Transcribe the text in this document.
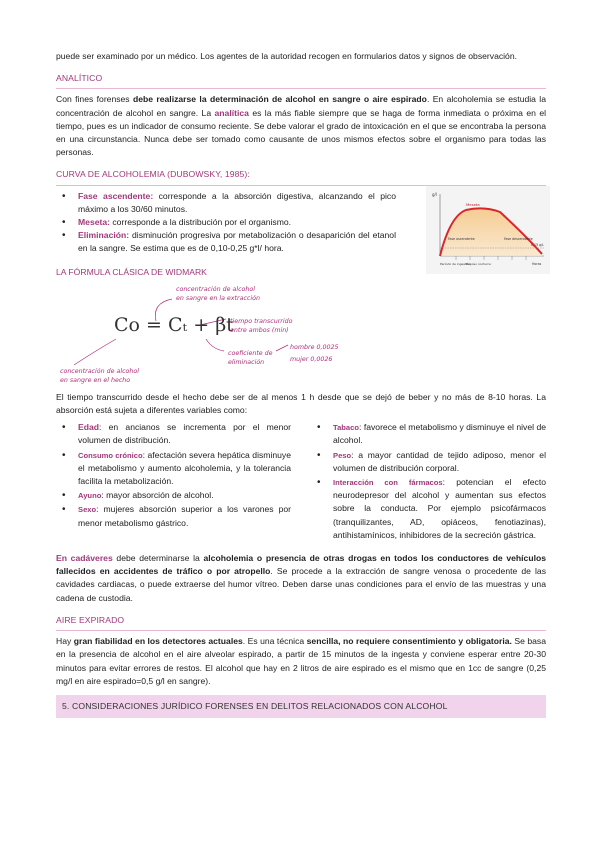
puede ser examinado por un médico. Los agentes de la autoridad recogen en formularios datos y signos de observación.

ANALÍTICO

Con fines forenses debe realizarse la determinación de alcohol en sangre o aire espirado. En alcoholemia se estudia la concentración de alcohol en sangre. La analítica es la más fiable siempre que se haga de forma inmediata o próxima en el tiempo, pues es un indicador de consumo reciente. Se debe valorar el grado de intoxicación en el que se encontraba la persona en una circunstancia. Nunca debe ser tomado como causante de unos mismos efectos sobre el organismo para todas las personas.

CURVA DE ALCOHOLEMIA (DUBOWSKY, 1985):
• Fase ascendente: corresponde a la absorción digestiva, alcanzando el pico máximo a los 30/60 minutos.
• Meseta: corresponde a la distribución por el organismo.
• Eliminación: disminución progresiva por metabolización o desaparición del etanol en la sangre. Se estima que es de 0,10-0,25 g*l/ hora.
g/l
Meseta
Fase ascendente	Fase descendente
0,15 g/L
Período de ingestión
Reposo nocturno	Horas
LA FÓRMULA CLÁSICA DE WIDMARK
Co = Cₜ + βt
concentración de alcohol
en sangre en la extracción
tiempo transcurrido
entre ambos (min)
coeficiente de
eliminación
hombre 0,0025
mujer 0,0026
concentración de alcohol
en sangre en el hecho

El tiempo transcurrido desde el hecho debe ser de al menos 1 h desde que se dejó de beber y no más de 8-10 horas. La absorción está sujeta a diferentes variables como:

• Edad: en ancianos se incrementa por el menor volumen de distribución.
• Consumo crónico: afectación severa hepática disminuye el metabolismo y aumento alcoholemia, y la tolerancia facilita la metabolización.
• Ayuno: mayor absorción de alcohol.
• Sexo: mujeres absorción superior a los varones por menor metabolismo gástrico.
• Tabaco: favorece el metabolismo y disminuye el nivel de alcohol.
• Peso: a mayor cantidad de tejido adiposo, menor el volumen de distribución corporal.
• Interacción con fármacos: potencian el efecto neurodepresor del alcohol y aumentan sus efectos sobre la conducta. Por ejemplo psicofármacos (tranquilizantes, AD, opiáceos, fenotiazinas), antihistamínicos, inhibidores de la secreción gástrica.

En cadáveres debe determinarse la alcoholemia o presencia de otras drogas en todos los conductores de vehículos fallecidos en accidentes de tráfico o por atropello. Se procede a la extracción de sangre venosa o procedente de las cavidades cardiacas, o puede extraerse del humor vítreo. Deben darse unas condiciones para el envío de las muestras y una cadena de custodia.

AIRE EXPIRADO

Hay gran fiabilidad en los detectores actuales. Es una técnica sencilla, no requiere consentimiento y obligatoria. Se basa en la presencia de alcohol en el aire alveolar espirado, a partir de 15 minutos de la ingesta y conviene esperar entre 20-30 minutos para evitar errores de restos. El alcohol que hay en 2 litros de aire espirado es el mismo que en 1cc de sangre (0,25 mg/l en aire espirado=0,5 g/l en sangre).

5. CONSIDERACIONES JURÍDICO FORENSES EN DELITOS RELACIONADOS CON ALCOHOL
